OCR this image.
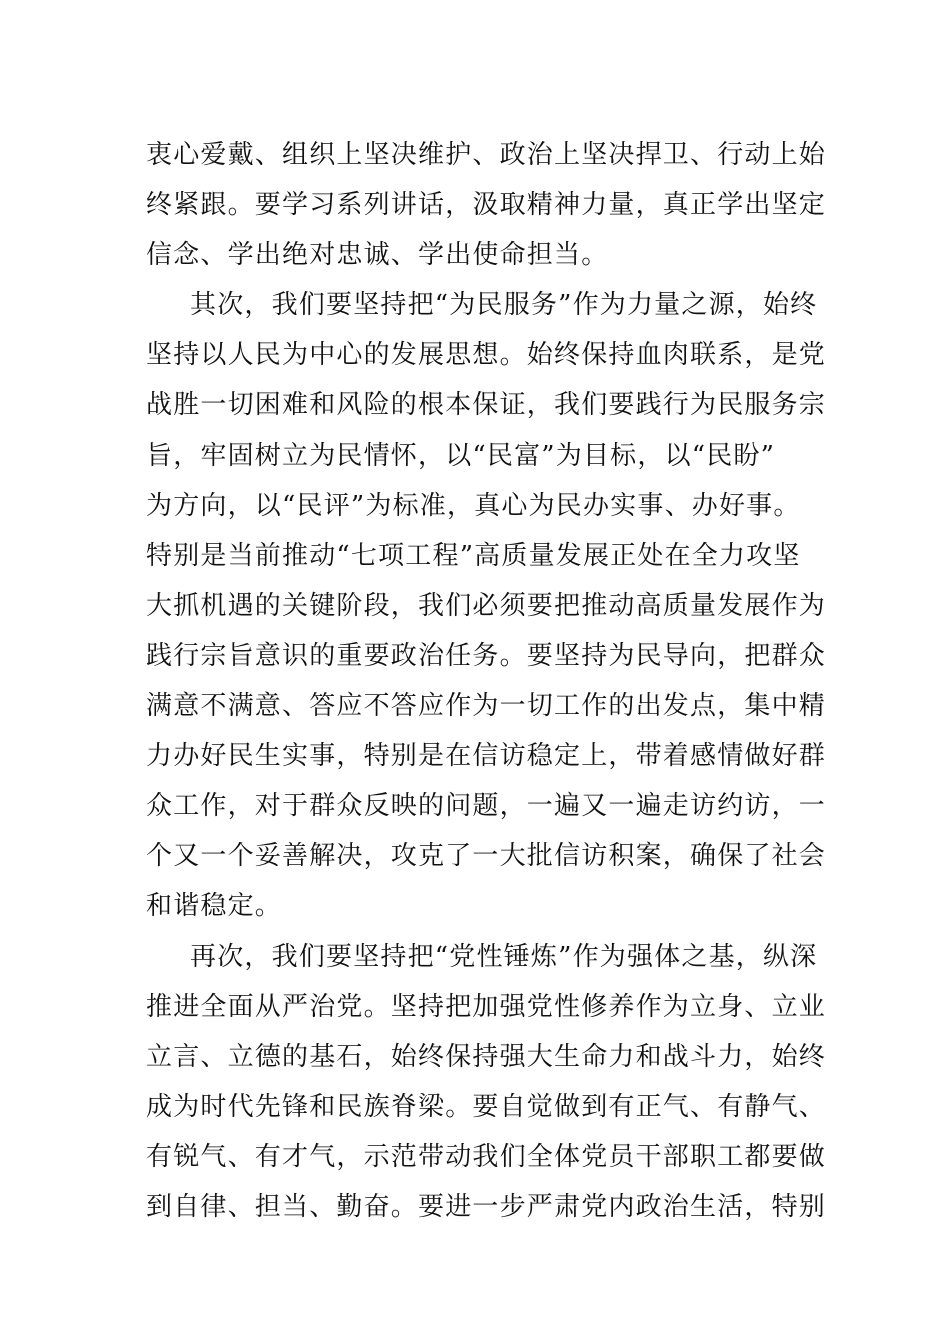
衷心爱戴、组织上坚决维护、政治上坚决捍卫、行动上始
终紧跟。要学习系列讲话，汲取精神力量，真正学出坚定
信念、学出绝对忠诚、学出使命担当。
其次，我们要坚持把“为民服务”作为力量之源，始终
坚持以人民为中心的发展思想。始终保持血肉联系，是党
战胜一切困难和风险的根本保证，我们要践行为民服务宗
旨，牢固树立为民情怀，以“民富”为目标，以“民盼”
为方向，以“民评”为标准，真心为民办实事、办好事。
特别是当前推动“七项工程”高质量发展正处在全力攻坚
大抓机遇的关键阶段，我们必须要把推动高质量发展作为
践行宗旨意识的重要政治任务。要坚持为民导向，把群众
满意不满意、答应不答应作为一切工作的出发点，集中精
力办好民生实事，特别是在信访稳定上，带着感情做好群
众工作，对于群众反映的问题，一遍又一遍走访约访，一
个又一个妥善解决，攻克了一大批信访积案，确保了社会
和谐稳定。
再次，我们要坚持把“党性锤炼”作为强体之基，纵深
推进全面从严治党。坚持把加强党性修养作为立身、立业
立言、立德的基石，始终保持强大生命力和战斗力，始终
成为时代先锋和民族脊梁。要自觉做到有正气、有静气、
有锐气、有才气，示范带动我们全体党员干部职工都要做
到自律、担当、勤奋。要进一步严肃党内政治生活，特别
